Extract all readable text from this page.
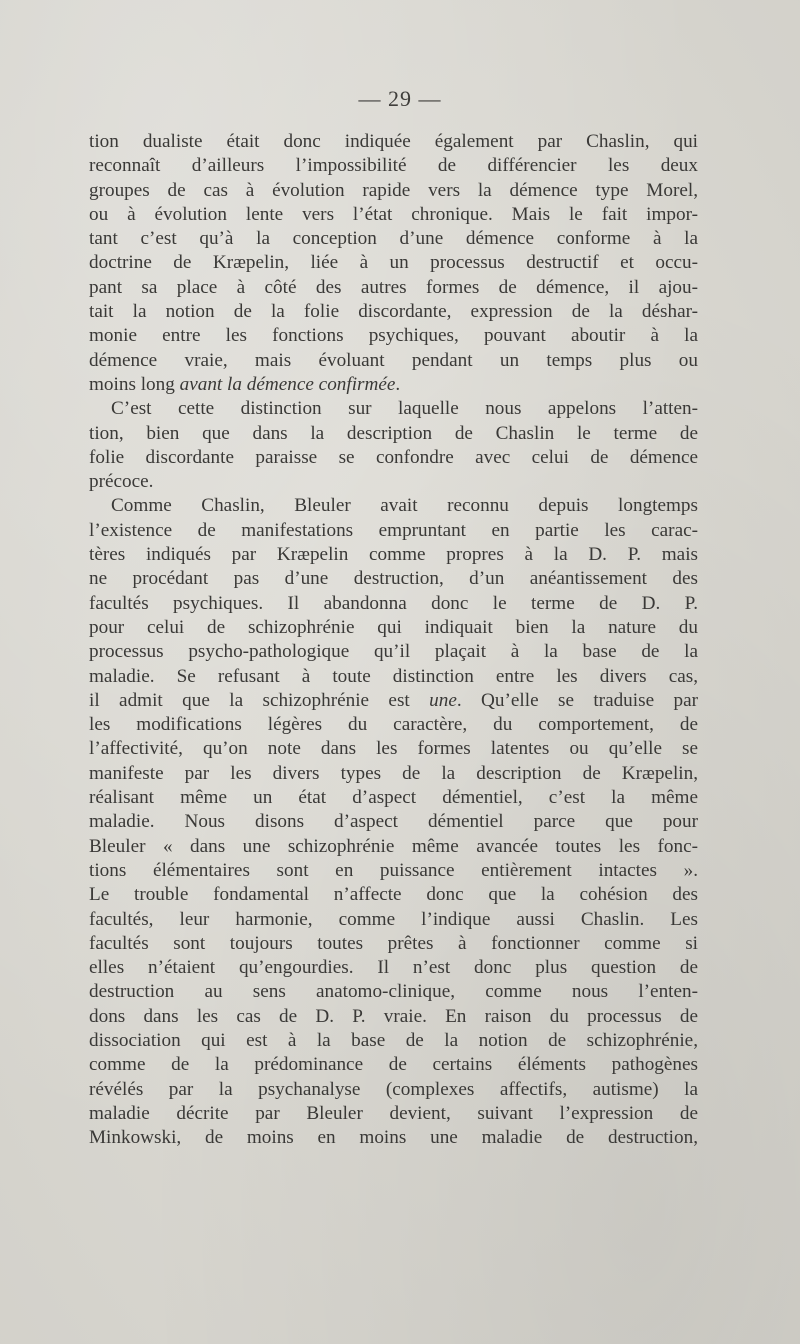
— 29 —
tion dualiste était donc indiquée également par Chaslin, qui
reconnaît d’ailleurs l’impossibilité de différencier les deux
groupes de cas à évolution rapide vers la démence type Morel,
ou à évolution lente vers l’état chronique. Mais le fait impor-
tant c’est qu’à la conception d’une démence conforme à la
doctrine de Kræpelin, liée à un processus destructif et occu-
pant sa place à côté des autres formes de démence, il ajou-
tait la notion de la folie discordante, expression de la déshar-
monie entre les fonctions psychiques, pouvant aboutir à la
démence vraie, mais évoluant pendant un temps plus ou
moins long avant la démence confirmée.
C’est cette distinction sur laquelle nous appelons l’atten-
tion, bien que dans la description de Chaslin le terme de
folie discordante paraisse se confondre avec celui de démence
précoce.
Comme Chaslin, Bleuler avait reconnu depuis longtemps
l’existence de manifestations empruntant en partie les carac-
tères indiqués par Kræpelin comme propres à la D. P. mais
ne procédant pas d’une destruction, d’un anéantissement des
facultés psychiques. Il abandonna donc le terme de D. P.
pour celui de schizophrénie qui indiquait bien la nature du
processus psycho-pathologique qu’il plaçait à la base de la
maladie. Se refusant à toute distinction entre les divers cas,
il admit que la schizophrénie est une. Qu’elle se traduise par
les modifications légères du caractère, du comportement, de
l’affectivité, qu’on note dans les formes latentes ou qu’elle se
manifeste par les divers types de la description de Kræpelin,
réalisant même un état d’aspect démentiel, c’est la même
maladie. Nous disons d’aspect démentiel parce que pour
Bleuler « dans une schizophrénie même avancée toutes les fonc-
tions élémentaires sont en puissance entièrement intactes ».
Le trouble fondamental n’affecte donc que la cohésion des
facultés, leur harmonie, comme l’indique aussi Chaslin. Les
facultés sont toujours toutes prêtes à fonctionner comme si
elles n’étaient qu’engourdies. Il n’est donc plus question de
destruction au sens anatomo-clinique, comme nous l’enten-
dons dans les cas de D. P. vraie. En raison du processus de
dissociation qui est à la base de la notion de schizophrénie,
comme de la prédominance de certains éléments pathogènes
révélés par la psychanalyse (complexes affectifs, autisme) la
maladie décrite par Bleuler devient, suivant l’expression de
Minkowski, de moins en moins une maladie de destruction,
